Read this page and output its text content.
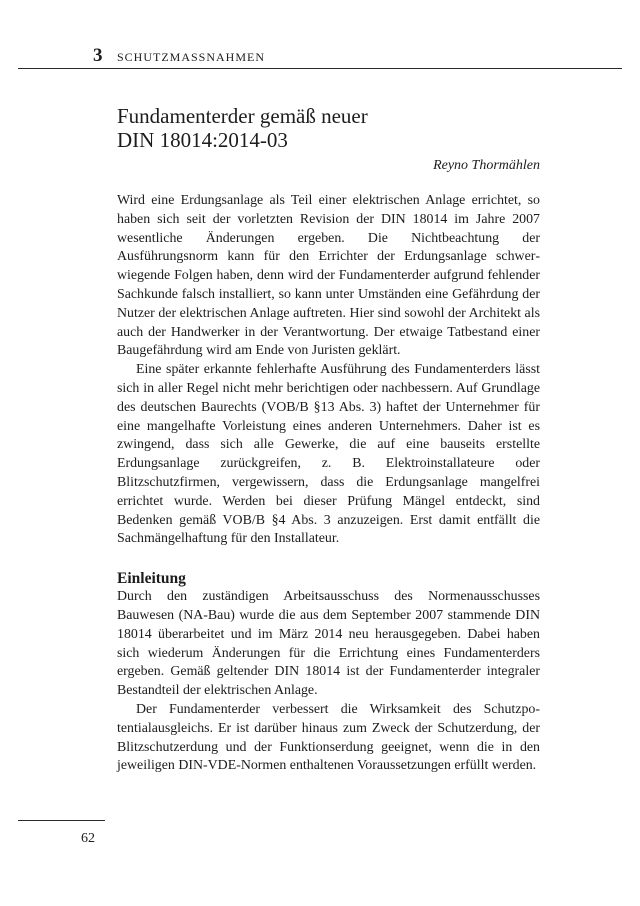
3 SCHUTZMASSNAHMEN
Fundamenterder gemäß neuer
DIN 18014:2014-03

Reyno Thormählen

Wird eine Erdungsanlage als Teil einer elektrischen Anlage errichtet, so haben sich seit der vorletzten Revision der DIN 18014 im Jahre 2007 wesentliche Änderungen ergeben. Die Nichtbeachtung der Ausführungsnorm kann für den Errichter der Erdungsanlage schwerwiegende Folgen haben, denn wird der Fundamenterder aufgrund fehlender Sachkunde falsch installiert, so kann unter Umständen eine Gefährdung der Nutzer der elektrischen Anlage auftreten. Hier sind sowohl der Architekt als auch der Handwerker in der Verantwortung. Der etwaige Tatbestand einer Baugefährdung wird am Ende von Juristen geklärt.

Eine später erkannte fehlerhafte Ausführung des Fundamenterders lässt sich in aller Regel nicht mehr berichtigen oder nachbessern. Auf Grundlage des deutschen Baurechts (VOB/B §13 Abs. 3) haftet der Unternehmer für eine mangelhafte Vorleistung eines anderen Unternehmers. Daher ist es zwingend, dass sich alle Gewerke, die auf eine bauseits erstellte Erdungsanlage zurückgreifen, z. B. Elektroinstallateure oder Blitzschutzfirmen, vergewissern, dass die Erdungsanlage mangelfrei errichtet wurde. Werden bei dieser Prüfung Mängel entdeckt, sind Bedenken gemäß VOB/B §4 Abs. 3 anzuzeigen. Erst damit entfällt die Sachmängelhaftung für den Installateur.

Einleitung

Durch den zuständigen Arbeitsausschuss des Normenausschusses Bauwesen (NA-Bau) wurde die aus dem September 2007 stammende DIN 18014 überarbeitet und im März 2014 neu herausgegeben. Dabei haben sich wiederum Änderungen für die Errichtung eines Fundamenterders ergeben. Gemäß geltender DIN 18014 ist der Fundamenterder integraler Bestandteil der elektrischen Anlage.

Der Fundamenterder verbessert die Wirksamkeit des Schutzpotentialausgleichs. Er ist darüber hinaus zum Zweck der Schutzerdung, der Blitzschutzerdung und der Funktionserdung geeignet, wenn die in den jeweiligen DIN-VDE-Normen enthaltenen Voraussetzungen erfüllt werden.

62
